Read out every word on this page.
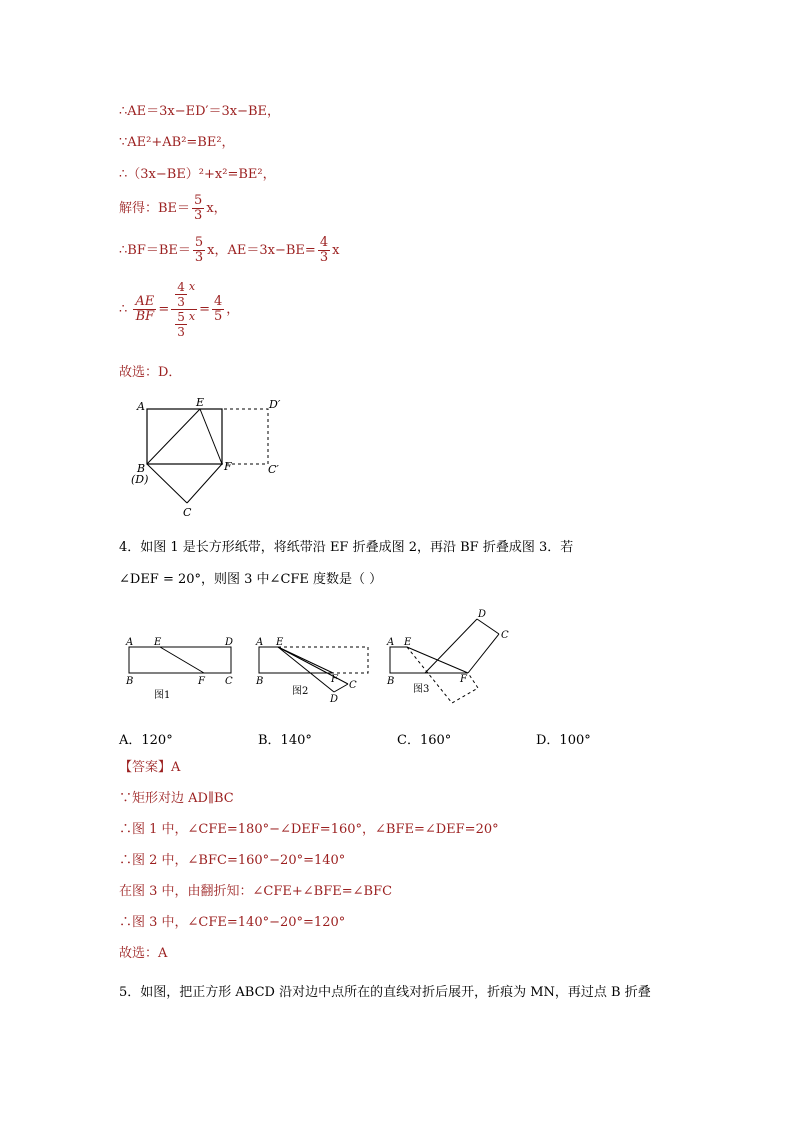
∴AE＝3x−ED′＝3x−BE，
∵AE²+AB²=BE²，
∴（3x−BE）²+x²=BE²，
解得：$BE= \frac{5}{3}$ x，
∴BF＝BE＝ $\frac{5}{3}$ x，$AE=3x-BE= \frac{4}{3}$ x
∴ $\frac{AE}{BF} = \frac{\frac{4}{3} ^x}{\frac{5}{3} ^x} = \frac{4}{5}$ ，
故选：D．
A	E	D′
B
(D)
F	C′
C
4．如图 1 是长方形纸带，将纸带沿 EF 折叠成图 2，再沿 BF 折叠成图 3．若
∠DEF = 20°，则图 3 中∠CFE 度数是（ ）
A E	D
B	F C
图1
A E
B	F
C
D
图2
A E
D
C
B	F
图3
A．120°	B．140°	C．160°	D．100°
【答案】A
∵矩形对边 AD∥BC
∴图 1 中，∠CFE=180°−∠DEF=160°，∠BFE=∠DEF=20°
∴图 2 中，∠BFC=160°−20°=140°
在图 3 中，由翻折知：∠CFE+∠BFE=∠BFC
∴图 3 中，∠CFE=140°−20°=120°
故选：A
5．如图，把正方形 ABCD 沿对边中点所在的直线对折后展开，折痕为 MN，再过点 B 折叠
